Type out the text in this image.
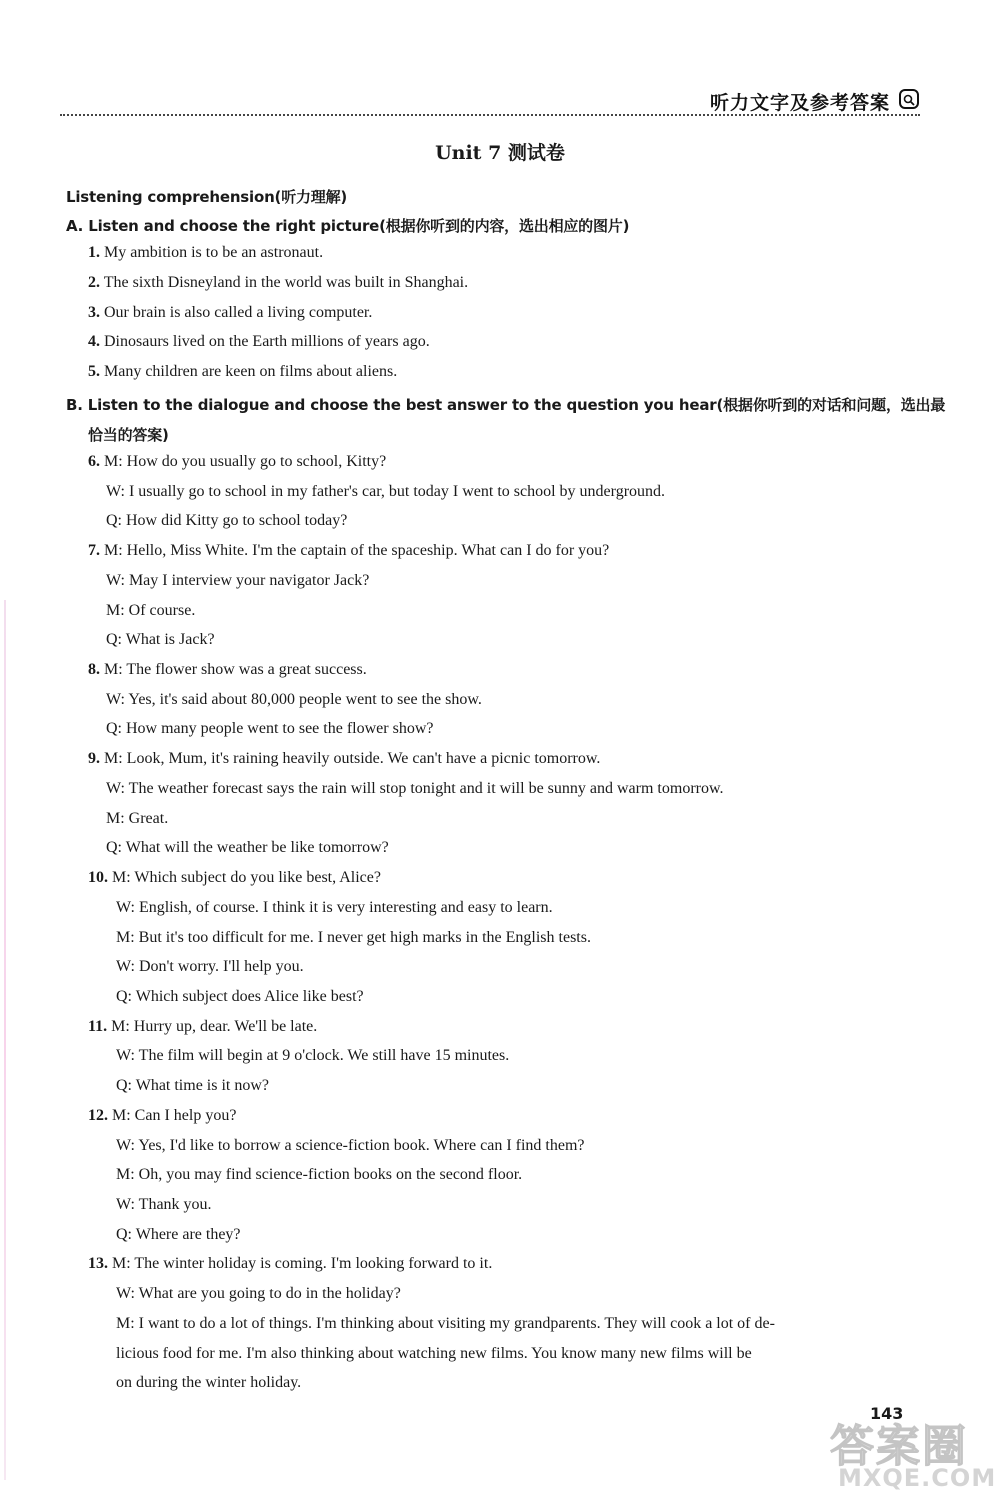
听力文字及参考答案
Unit 7 测试卷
Listening comprehension(听力理解)
A. Listen and choose the right picture(根据你听到的内容，选出相应的图片)
1. My ambition is to be an astronaut.
2. The sixth Disneyland in the world was built in Shanghai.
3. Our brain is also called a living computer.
4. Dinosaurs lived on the Earth millions of years ago.
5. Many children are keen on films about aliens.
B. Listen to the dialogue and choose the best answer to the question you hear(根据你听到的对话和问题，选出最
恰当的答案)
6. M: How do you usually go to school, Kitty?
W: I usually go to school in my father's car, but today I went to school by underground.
Q: How did Kitty go to school today?
7. M: Hello, Miss White. I'm the captain of the spaceship. What can I do for you?
W: May I interview your navigator Jack?
M: Of course.
Q: What is Jack?
8. M: The flower show was a great success.
W: Yes, it's said about 80,000 people went to see the show.
Q: How many people went to see the flower show?
9. M: Look, Mum, it's raining heavily outside. We can't have a picnic tomorrow.
W: The weather forecast says the rain will stop tonight and it will be sunny and warm tomorrow.
M: Great.
Q: What will the weather be like tomorrow?
10. M: Which subject do you like best, Alice?
W: English, of course. I think it is very interesting and easy to learn.
M: But it's too difficult for me. I never get high marks in the English tests.
W: Don't worry. I'll help you.
Q: Which subject does Alice like best?
11. M: Hurry up, dear. We'll be late.
W: The film will begin at 9 o'clock. We still have 15 minutes.
Q: What time is it now?
12. M: Can I help you?
W: Yes, I'd like to borrow a science-fiction book. Where can I find them?
M: Oh, you may find science-fiction books on the second floor.
W: Thank you.
Q: Where are they?
13. M: The winter holiday is coming. I'm looking forward to it.
W: What are you going to do in the holiday?
M: I want to do a lot of things. I'm thinking about visiting my grandparents. They will cook a lot of de-
licious food for me. I'm also thinking about watching new films. You know many new films will be
on during the winter holiday.
143
答案圈
MXQE.COM
